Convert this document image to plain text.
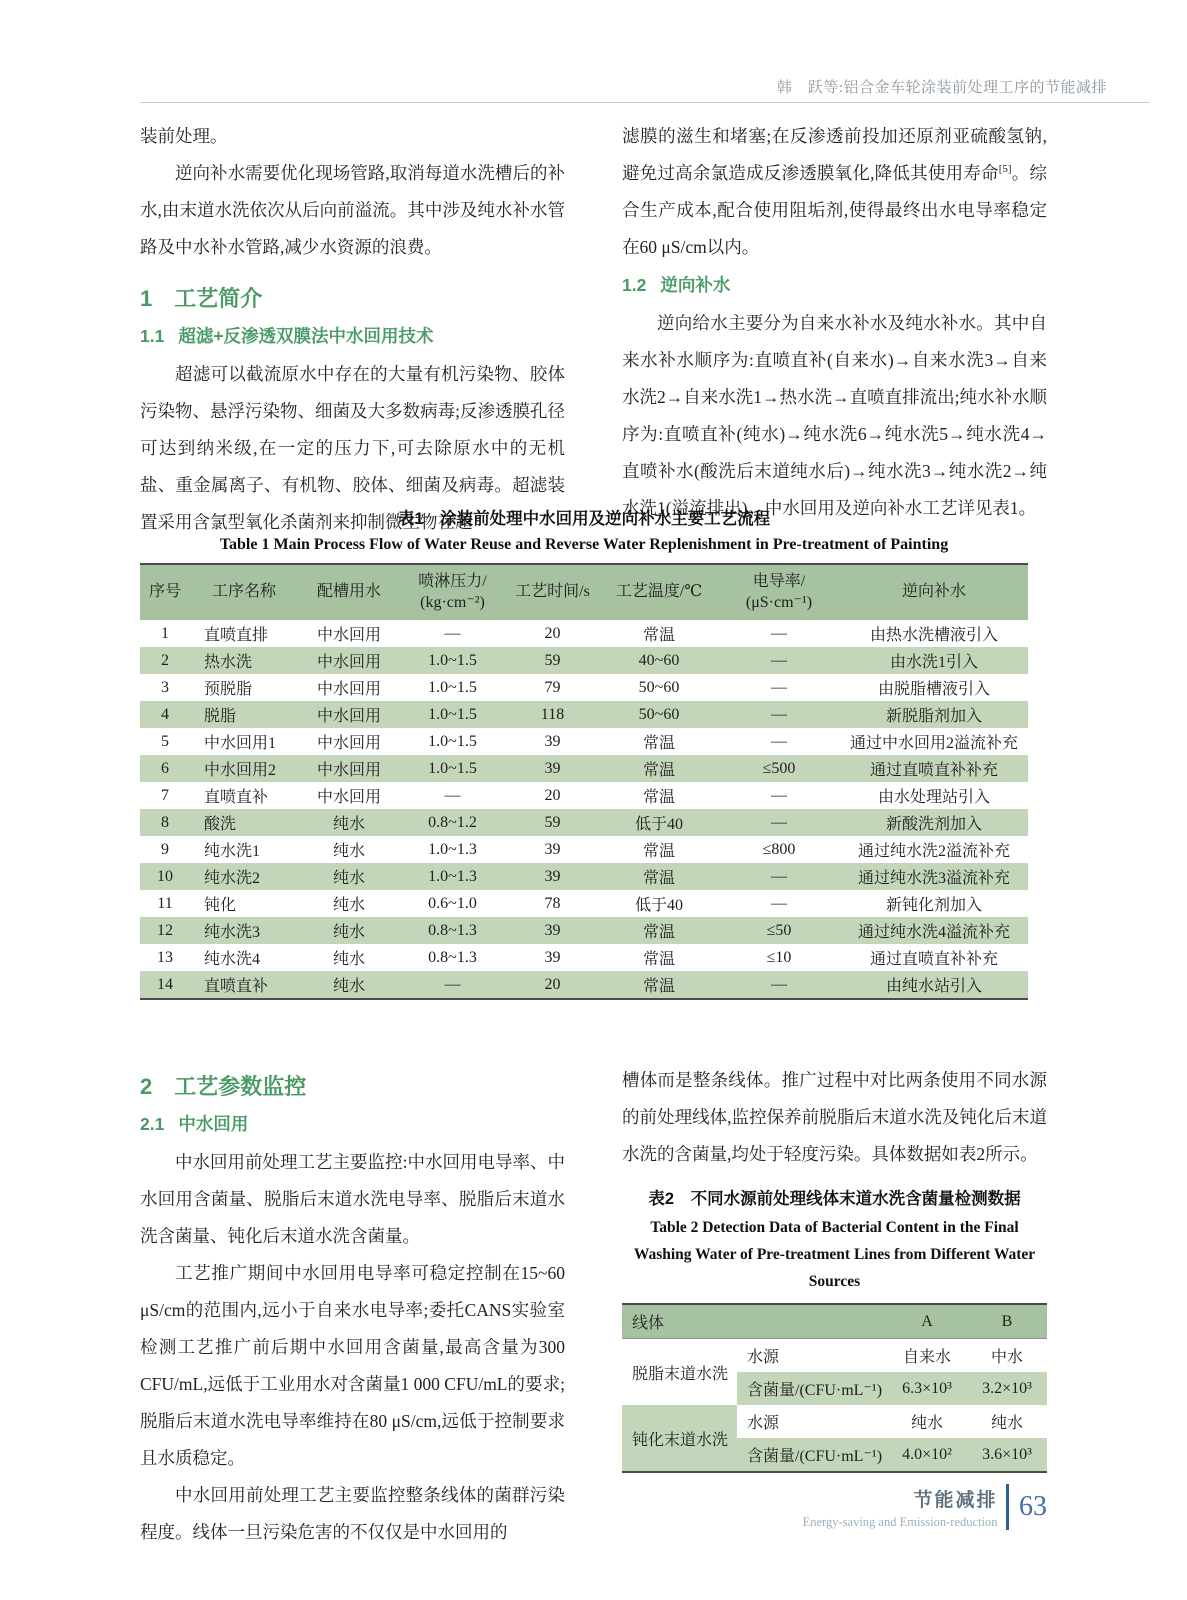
韩　跃等:铝合金车轮涂装前处理工序的节能减排

装前处理。

逆向补水需要优化现场管路,取消每道水洗槽后的补水,由末道水洗依次从后向前溢流。其中涉及纯水补水管路及中水补水管路,减少水资源的浪费。

1 工艺简介
1.1 超滤+反渗透双膜法中水回用技术

超滤可以截流原水中存在的大量有机污染物、胶体污染物、悬浮污染物、细菌及大多数病毒;反渗透膜孔径可达到纳米级,在一定的压力下,可去除原水中的无机盐、重金属离子、有机物、胶体、细菌及病毒。超滤装置采用含氯型氧化杀菌剂来抑制微生物在超

滤膜的滋生和堵塞;在反渗透前投加还原剂亚硫酸氢钠,避免过高余氯造成反渗透膜氧化,降低其使用寿命[5]。综合生产成本,配合使用阻垢剂,使得最终出水电导率稳定在60 μS/cm以内。

1.2 逆向补水

逆向给水主要分为自来水补水及纯水补水。其中自来水补水顺序为:直喷直补(自来水)→自来水洗3→自来水洗2→自来水洗1→热水洗→直喷直排流出;纯水补水顺序为:直喷直补(纯水)→纯水洗6→纯水洗5→纯水洗4→直喷补水(酸洗后末道纯水后)→纯水洗3→纯水洗2→纯水洗1(溢流排出)。中水回用及逆向补水工艺详见表1。

表1　涂装前处理中水回用及逆向补水主要工艺流程
Table 1 Main Process Flow of Water Reuse and Reverse Water Replenishment in Pre-treatment of Painting
序号	工序名称	配槽用水	喷淋压力/
(kg·cm⁻²)	工艺时间/s	工艺温度/℃	电导率/
(μS·cm⁻¹)	逆向补水
1	直喷直排	中水回用	—	20	常温	—	由热水洗槽液引入
2	热水洗	中水回用	1.0~1.5	59	40~60	—	由水洗1引入
3	预脱脂	中水回用	1.0~1.5	79	50~60	—	由脱脂槽液引入
4	脱脂	中水回用	1.0~1.5	118	50~60	—	新脱脂剂加入
5	中水回用1	中水回用	1.0~1.5	39	常温	—	通过中水回用2溢流补充
6	中水回用2	中水回用	1.0~1.5	39	常温	≤500	通过直喷直补补充
7	直喷直补	中水回用	—	20	常温	—	由水处理站引入
8	酸洗	纯水	0.8~1.2	59	低于40	—	新酸洗剂加入
9	纯水洗1	纯水	1.0~1.3	39	常温	≤800	通过纯水洗2溢流补充
10	纯水洗2	纯水	1.0~1.3	39	常温	—	通过纯水洗3溢流补充
11	钝化	纯水	0.6~1.0	78	低于40	—	新钝化剂加入
12	纯水洗3	纯水	0.8~1.3	39	常温	≤50	通过纯水洗4溢流补充
13	纯水洗4	纯水	0.8~1.3	39	常温	≤10	通过直喷直补补充
14	直喷直补	纯水	—	20	常温	—	由纯水站引入
2 工艺参数监控
2.1 中水回用

中水回用前处理工艺主要监控:中水回用电导率、中水回用含菌量、脱脂后末道水洗电导率、脱脂后末道水洗含菌量、钝化后末道水洗含菌量。

工艺推广期间中水回用电导率可稳定控制在15~60 μS/cm的范围内,远小于自来水电导率;委托CANS实验室检测工艺推广前后期中水回用含菌量,最高含量为300 CFU/mL,远低于工业用水对含菌量1 000 CFU/mL的要求;脱脂后末道水洗电导率维持在80 μS/cm,远低于控制要求且水质稳定。

中水回用前处理工艺主要监控整条线体的菌群污染程度。线体一旦污染危害的不仅仅是中水回用的

槽体而是整条线体。推广过程中对比两条使用不同水源的前处理线体,监控保养前脱脂后末道水洗及钝化后末道水洗的含菌量,均处于轻度污染。具体数据如表2所示。

表2　不同水源前处理线体末道水洗含菌量检测数据
Table 2 Detection Data of Bacterial Content in the Final Washing Water of Pre-treatment Lines from Different Water Sources
线体		A	B
脱脂末道水洗	水源	自来水	中水
	含菌量/(CFU·mL⁻¹)	6.3×10³	3.2×10³
钝化末道水洗	水源	纯水	纯水
	含菌量/(CFU·mL⁻¹)	4.0×10²	3.6×10³
节能减排
Energy-saving and Emission-reduction 63
